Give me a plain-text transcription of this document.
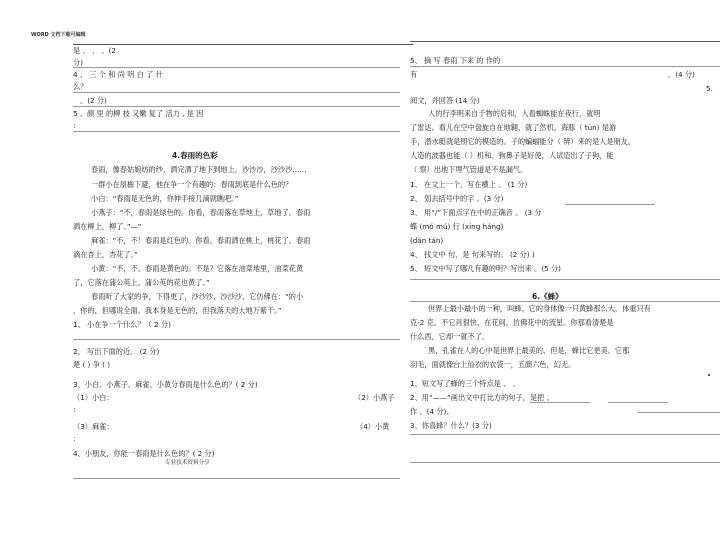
WORD 文档下载可编辑
是 、 、 。(2
分)
4 、 三 个 和 尚 明 白 了 什
么？
。(2 分)
5 、颜 里 的柳 枝 又嫩 复了 活力 , 是 因
：
4.春雨的色彩
春雨，像春姑娘纺的纱，洒完洒了地下到地上，沙沙沙，沙沙沙……
一群小在屋檐下避，他在争一个有趣的：春雨到底是什么色的？
小白：“春雨是无色的，你伸手接几滴就瞧吧。”
小燕子：“不，春雨是绿色的。你看，春雨落在草地上，草地了。春雨
洒在柳上，柳了。”—”
麻雀：“不，不！春雨是红色的。你看，春雨洒在桃上，桃花了。春雨
滴在杏上，杏花了。”
小黄：“不，不。春雨是黄色的。不是？它落在油菜地里，油菜花黄
了，它落在蒲公英上，蒲公英的花也黄了。”
春雨听了大家的争，下得更了，沙沙沙，沙沙沙，它仿佛在：“的小
，你的，但哪说全面。我本身是无色的，但我落天的大地万紫千。”
1、 小在争一个什么？（ 2 分)
2、 写出下面的近。 (2 分)
楚 ( ) 争 ( )
3、小白、小燕子、麻雀、小黄分春雨是什么色的？( 2 分)
（1）小白：	（2）小燕子
：
（3）麻雀：	（4）小黄
：
4、小朋友，你能一春雨是什么色的？( 2 分)
专业技术资料分享
5、 摘 写 春雨 下来 的 作的
有	。(4 分)
5.
阅文，并回答 (14 分)
人的行李明来自千物的启和，人看蜘蛛能在夜行，就明
了雷达。看儿在空中盘旋自在地翱，就了然机。海豚（ tún) 是游
手，潜水艇就是照它的模造的。子的蝙蝠能分（ 辨）来的是人是朋友，
人造的波器也能（ ）机和、狗鼻子是好使，人试造出了子狗，能
（ 察）出地下埋气管道是不是漏气。
1、 在文上一个，写在横上 。 (1 分)
2、 划去括号中的字 。(3 分)
3、 用“/”下面点字在中的正确音 。 (3 分
蝶 (mó mú) 行 (xíng háng)
(dàn tán)
4、 找文中 句，是 句来写的。 (2 分) )
5、 短文中写了哪几有趣的明？写出来 。(5 分)
6.《蜂》
世界上最小最小的一种，叫蜂。它的身体像一只黄蜂那么大，体重只有
克-2 克。不它肖很快，在花间，仿佛花中的流星。你那看清楚是
什么西，它却一就不了。
黑，孔雀在人的心中是世界上最美的，但是，蜂比它更美。它那
羽毛，面就像台上仙衣的衣袋一，五颜六色，幻无。
1、短文写了蜂的三个特点是 、 、
2、用“——”画出文中打比方的句子，是把 、
作 。(4 分)、
3、你喜蜂？什么？(3 分)
